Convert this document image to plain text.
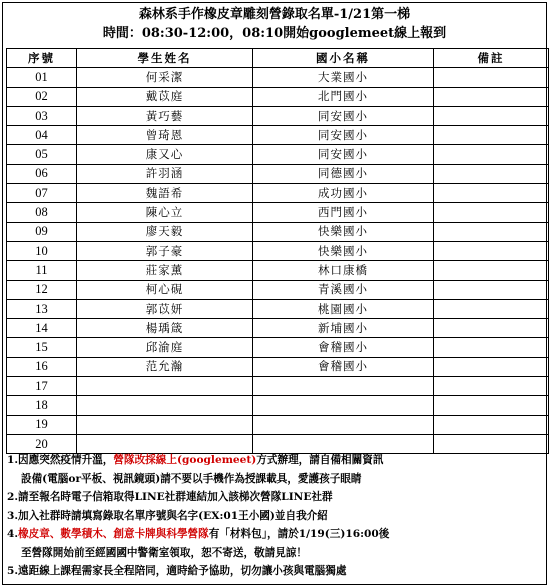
森林系手作橡皮章雕刻營錄取名單-1/21第一梯
時間：08:30-12:00，08:10開始googlemeet線上報到
序號	學生姓名	國小名稱	備註
01	何采潔	大業國小	
02	戴苡庭	北門國小	
03	黃巧藝	同安國小	
04	曾琦恩	同安國小	
05	康又心	同安國小	
06	許羽涵	同德國小	
07	魏語希	成功國小	
08	陳心立	西門國小	
09	廖天毅	快樂國小	
10	郭子豪	快樂國小	
11	莊家薰	林口康橋	
12	柯心硯	青溪國小	
13	郭苡妍	桃園國小	
14	楊瑀箴	新埔國小	
15	邱渝庭	會稽國小	
16	范允瀚	會稽國小	
17			
18			
19			
20			

1.因應突然疫情升溫，營隊改採線上(googlemeet)方式辦理，請自備相關資訊

設備(電腦or平板、視訊鏡頭)請不要以手機作為授課載具，愛護孩子眼睛

2.請至報名時電子信箱取得LINE社群連結加入該梯次營隊LINE社群

3.加入社群時請填寫錄取名單序號與名字(EX:01王小國)並自我介紹

4.橡皮章、數學積木、創意卡牌與科學營隊有「材料包」，請於1/19(三)16:00後

至營隊開始前至經國國中警衛室領取，恕不寄送，敬請見諒！

5.遠距線上課程需家長全程陪同，適時給予協助，切勿讓小孩與電腦獨處
